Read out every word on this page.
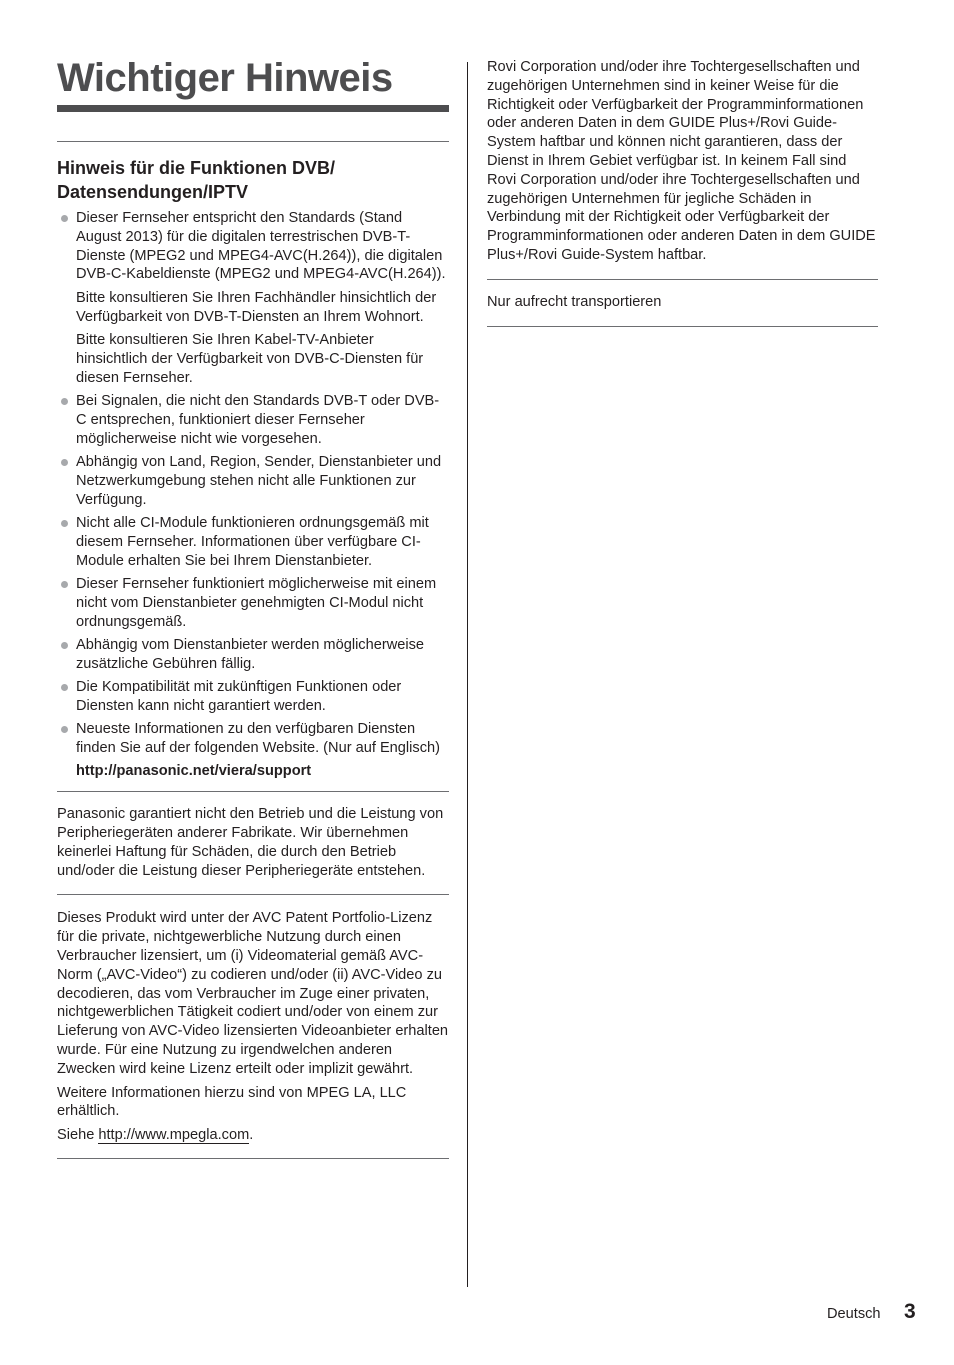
Wichtiger Hinweis
Hinweis für die Funktionen DVB/ Datensendungen/IPTV
Dieser Fernseher entspricht den Standards (Stand August 2013) für die digitalen terrestrischen DVB-T-Dienste (MPEG2 und MPEG4-AVC(H.264)), die digitalen DVB-C-Kabeldienste (MPEG2 und MPEG4-AVC(H.264)).
Bitte konsultieren Sie Ihren Fachhändler hinsichtlich der Verfügbarkeit von DVB-T-Diensten an Ihrem Wohnort.
Bitte konsultieren Sie Ihren Kabel-TV-Anbieter hinsichtlich der Verfügbarkeit von DVB-C-Diensten für diesen Fernseher.
Bei Signalen, die nicht den Standards DVB-T oder DVB-C entsprechen, funktioniert dieser Fernseher möglicherweise nicht wie vorgesehen.
Abhängig von Land, Region, Sender, Dienstanbieter und Netzwerkumgebung stehen nicht alle Funktionen zur Verfügung.
Nicht alle CI-Module funktionieren ordnungsgemäß mit diesem Fernseher. Informationen über verfügbare CI-Module erhalten Sie bei Ihrem Dienstanbieter.
Dieser Fernseher funktioniert möglicherweise mit einem nicht vom Dienstanbieter genehmigten CI-Modul nicht ordnungsgemäß.
Abhängig vom Dienstanbieter werden möglicherweise zusätzliche Gebühren fällig.
Die Kompatibilität mit zukünftigen Funktionen oder Diensten kann nicht garantiert werden.
Neueste Informationen zu den verfügbaren Diensten finden Sie auf der folgenden Website. (Nur auf Englisch)
http://panasonic.net/viera/support

Panasonic garantiert nicht den Betrieb und die Leistung von Peripheriegeräten anderer Fabrikate. Wir übernehmen keinerlei Haftung für Schäden, die durch den Betrieb und/oder die Leistung dieser Peripheriegeräte entstehen.

Dieses Produkt wird unter der AVC Patent Portfolio-Lizenz für die private, nichtgewerbliche Nutzung durch einen Verbraucher lizensiert, um (i) Videomaterial gemäß AVC-Norm („AVC-Video“) zu codieren und/oder (ii) AVC-Video zu decodieren, das vom Verbraucher im Zuge einer privaten, nichtgewerblichen Tätigkeit codiert und/oder von einem zur Lieferung von AVC-Video lizensierten Videoanbieter erhalten wurde. Für eine Nutzung zu irgendwelchen anderen Zwecken wird keine Lizenz erteilt oder implizit gewährt.

Weitere Informationen hierzu sind von MPEG LA, LLC erhältlich.

Siehe http://www.mpegla.com.

Rovi Corporation und/oder ihre Tochtergesellschaften und zugehörigen Unternehmen sind in keiner Weise für die Richtigkeit oder Verfügbarkeit der Programminformationen oder anderen Daten in dem GUIDE Plus+/Rovi Guide-System haftbar und können nicht garantieren, dass der Dienst in Ihrem Gebiet verfügbar ist. In keinem Fall sind Rovi Corporation und/oder ihre Tochtergesellschaften und zugehörigen Unternehmen für jegliche Schäden in Verbindung mit der Richtigkeit oder Verfügbarkeit der Programminformationen oder anderen Daten in dem GUIDE Plus+/Rovi Guide-System haftbar.

Nur aufrecht transportieren

Deutsch 3
